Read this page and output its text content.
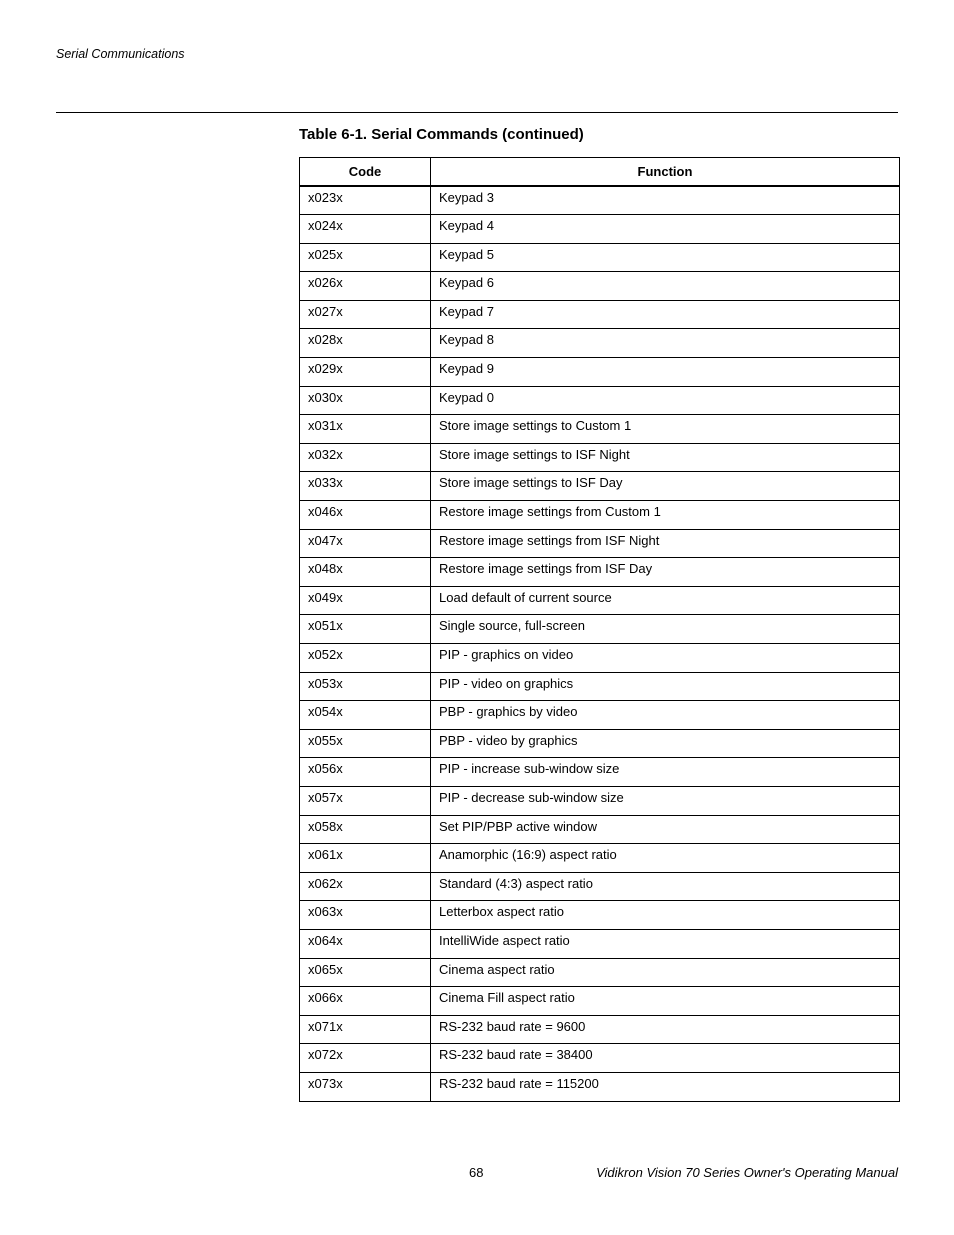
Serial Communications
Table 6-1. Serial Commands (continued)
Code	Function
x023x	Keypad 3
x024x	Keypad 4
x025x	Keypad 5
x026x	Keypad 6
x027x	Keypad 7
x028x	Keypad 8
x029x	Keypad 9
x030x	Keypad 0
x031x	Store image settings to Custom 1
x032x	Store image settings to ISF Night
x033x	Store image settings to ISF Day
x046x	Restore image settings from Custom 1
x047x	Restore image settings from ISF Night
x048x	Restore image settings from ISF Day
x049x	Load default of current source
x051x	Single source, full-screen
x052x	PIP - graphics on video
x053x	PIP - video on graphics
x054x	PBP - graphics by video
x055x	PBP - video by graphics
x056x	PIP - increase sub-window size
x057x	PIP - decrease sub-window size
x058x	Set PIP/PBP active window
x061x	Anamorphic (16:9) aspect ratio
x062x	Standard (4:3) aspect ratio
x063x	Letterbox aspect ratio
x064x	IntelliWide aspect ratio
x065x	Cinema aspect ratio
x066x	Cinema Fill aspect ratio
x071x	RS-232 baud rate = 9600
x072x	RS-232 baud rate = 38400
x073x	RS-232 baud rate = 115200
68	Vidikron Vision 70 Series Owner's Operating Manual
